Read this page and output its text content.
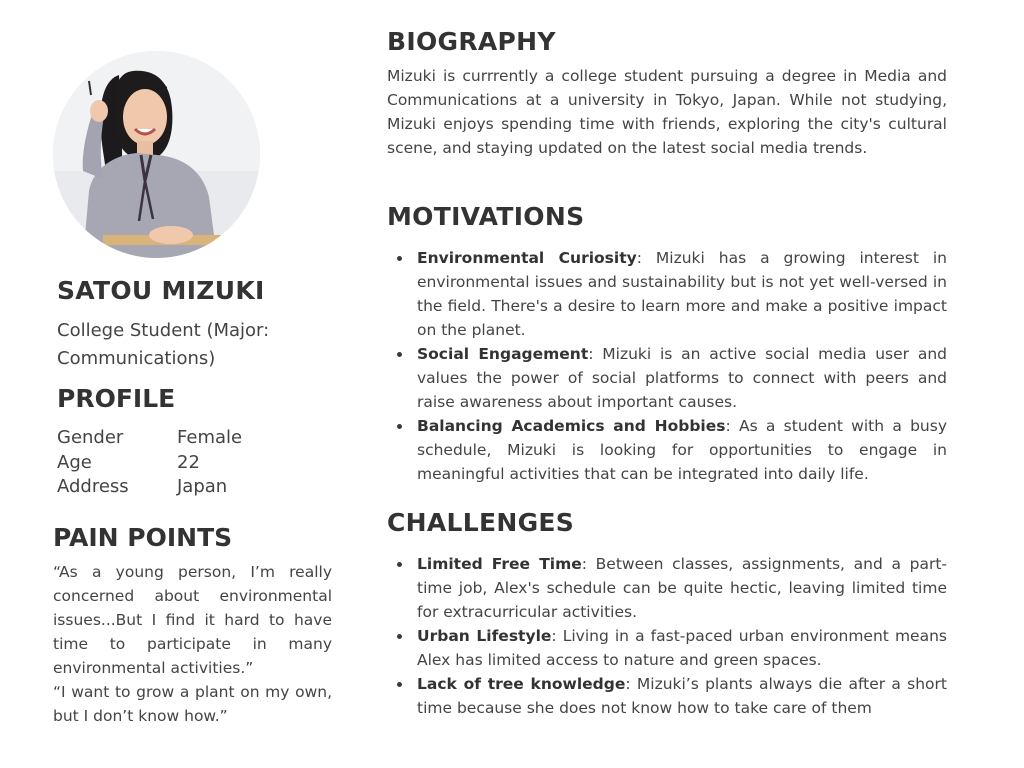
SATOU MIZUKI
College Student (Major: Communications)
PROFILE
Gender	Female
Age	22
Address	Japan
PAIN POINTS

“As a young person, I’m really concerned about environmental issues...But I find it hard to have time to participate in many environmental activities.”

“I want to grow a plant on my own, but I don’t know how.”

BIOGRAPHY

Mizuki is currrently a college student pursuing a degree in Media and Communications at a university in Tokyo, Japan. While not studying, Mizuki enjoys spending time with friends, exploring the city's cultural scene, and staying updated on the latest social media trends.

MOTIVATIONS
Environmental Curiosity: Mizuki has a growing interest in environmental issues and sustainability but is not yet well-versed in the field. There's a desire to learn more and make a positive impact on the planet.
Social Engagement: Mizuki is an active social media user and values the power of social platforms to connect with peers and raise awareness about important causes.
Balancing Academics and Hobbies: As a student with a busy schedule, Mizuki is looking for opportunities to engage in meaningful activities that can be integrated into daily life.
CHALLENGES
Limited Free Time: Between classes, assignments, and a part-time job, Alex's schedule can be quite hectic, leaving limited time for extracurricular activities.
Urban Lifestyle: Living in a fast-paced urban environment means Alex has limited access to nature and green spaces.
Lack of tree knowledge: Mizuki’s plants always die after a short time because she does not know how to take care of them
